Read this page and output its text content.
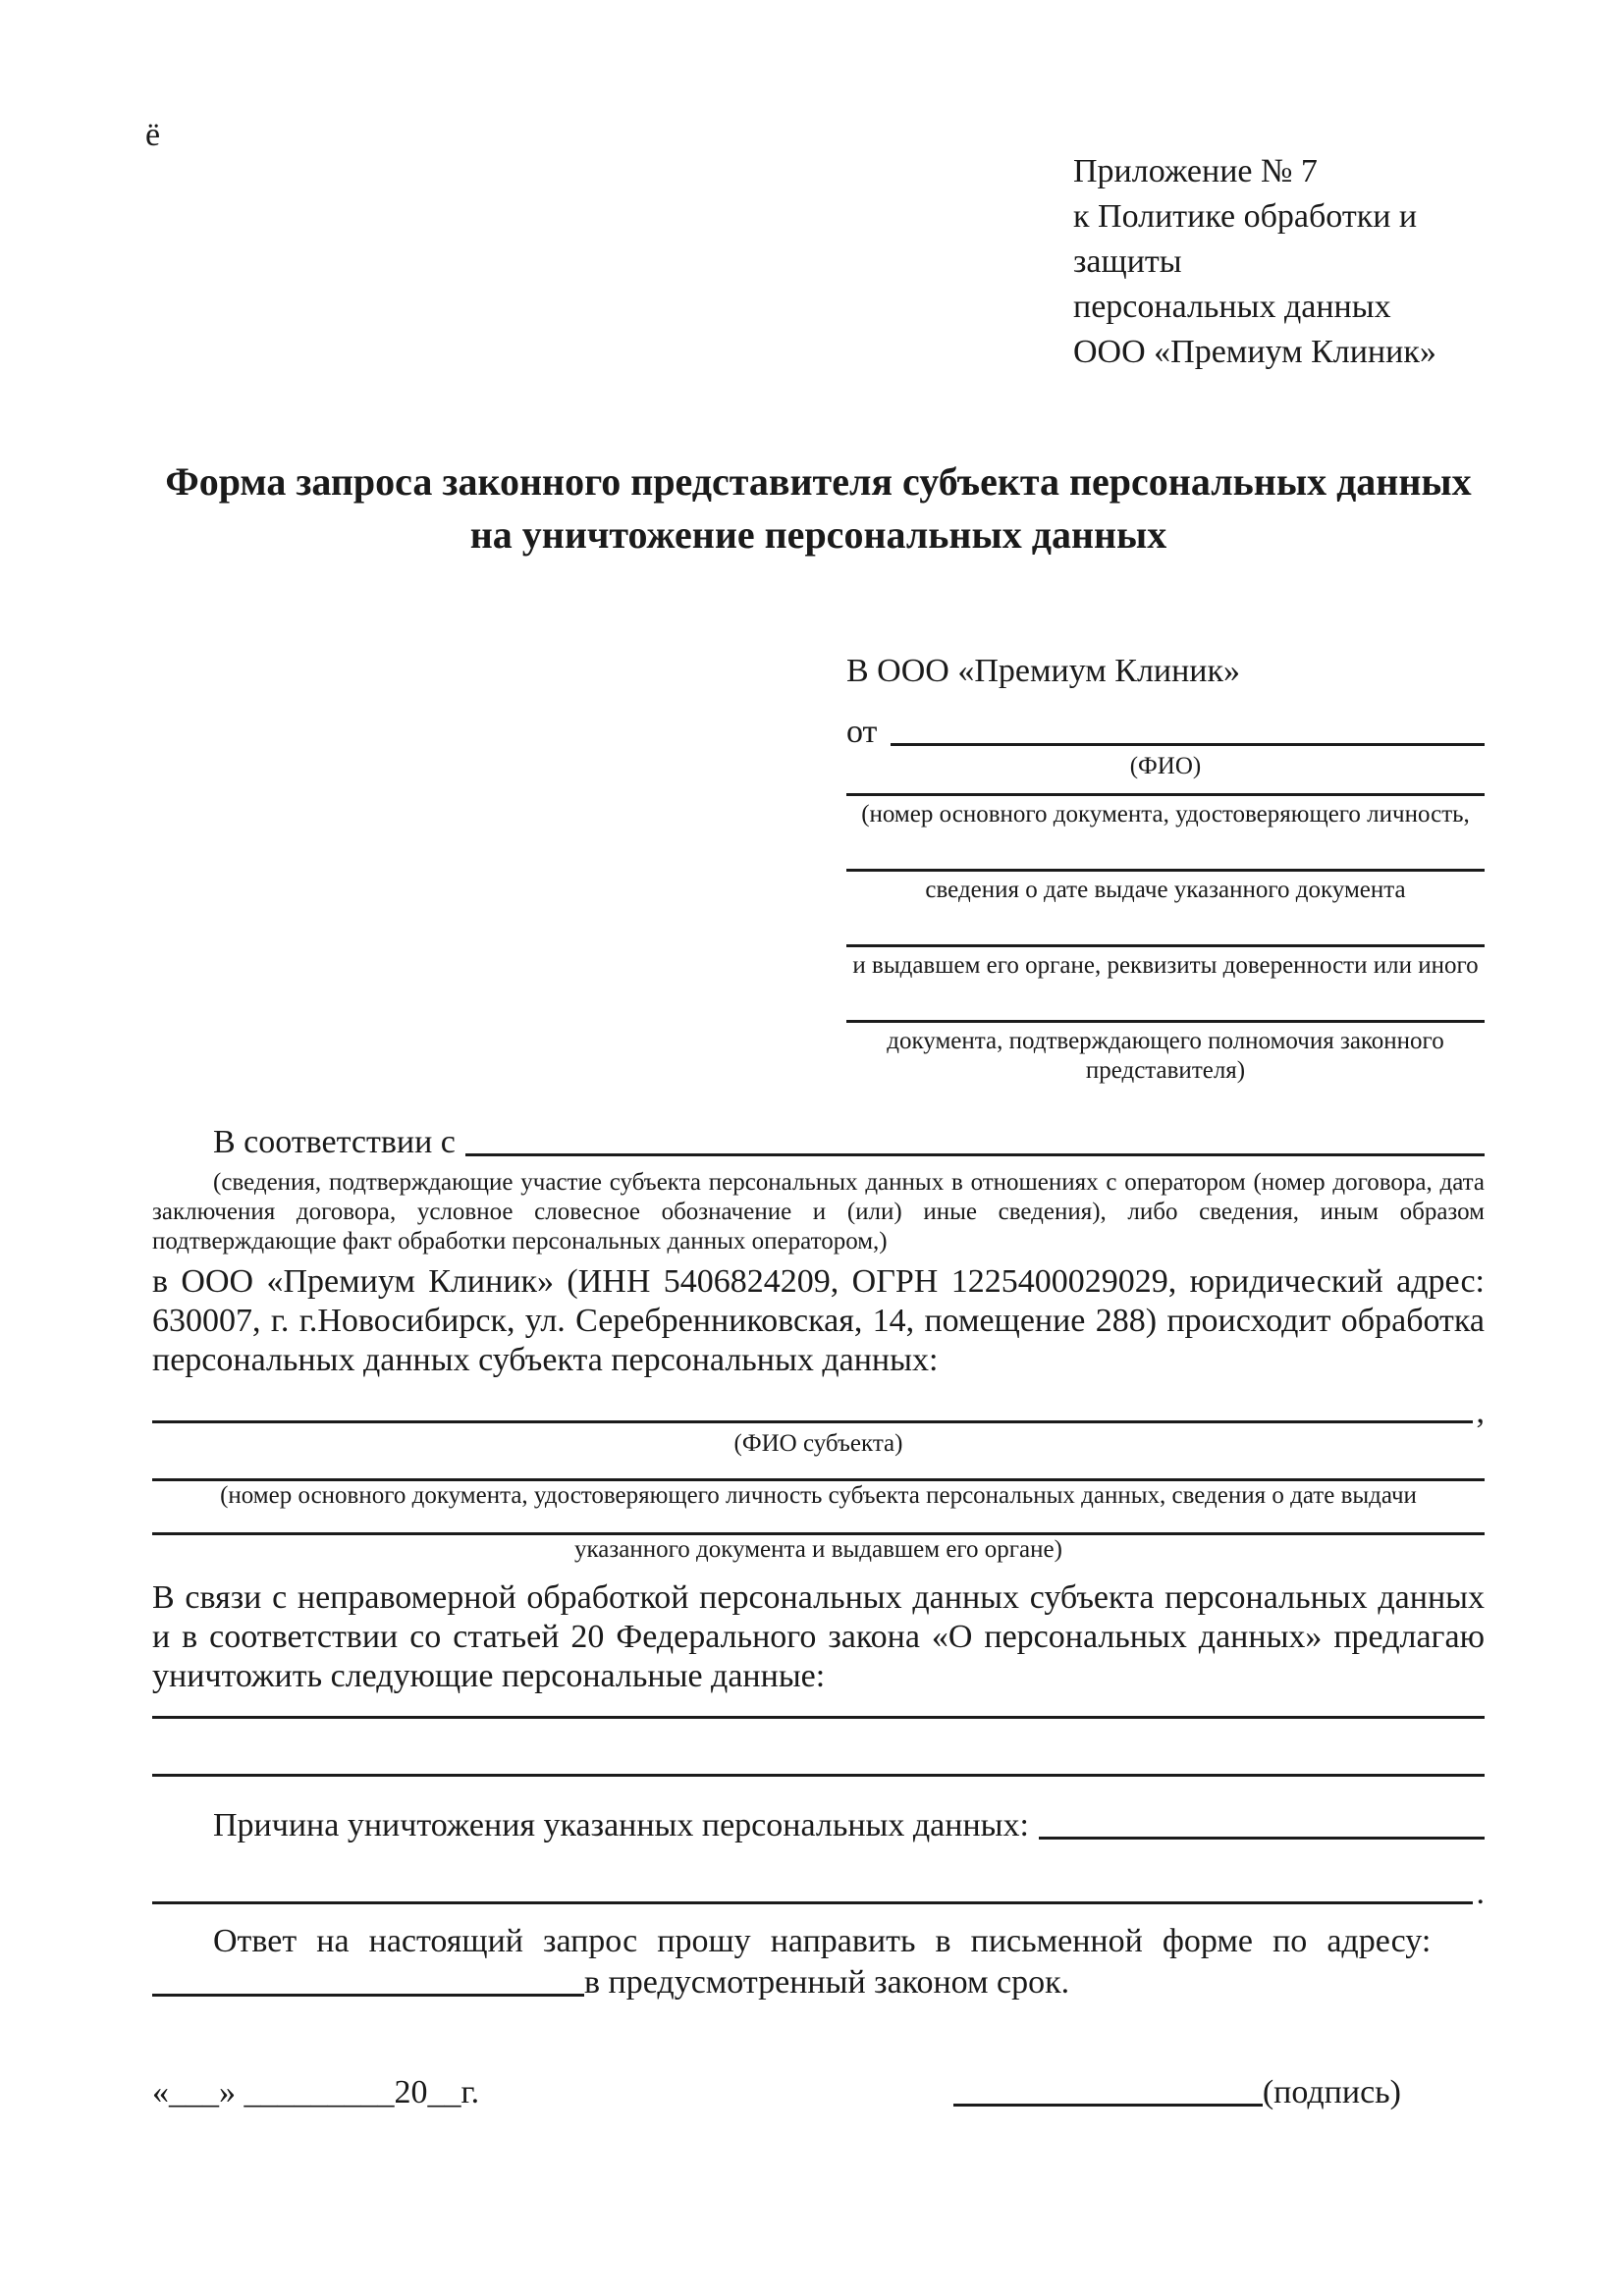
ё
Приложение № 7
к Политике обработки и защиты
персональных данных
ООО «Премиум Клиник»
Форма запроса законного представителя субъекта персональных данных на уничтожение персональных данных
В ООО «Премиум Клиник»
от
(ФИО)
(номер основного документа, удостоверяющего личность,
сведения о дате выдаче указанного документа
и выдавшем его органе, реквизиты доверенности или иного
документа, подтверждающего полномочия законного представителя)
В соответствии с
(сведения, подтверждающие участие субъекта персональных данных в отношениях с оператором (номер договора, дата заключения договора, условное словесное обозначение и (или) иные сведения), либо сведения, иным образом подтверждающие факт обработки персональных данных оператором,)
в ООО «Премиум Клиник» (ИНН 5406824209, ОГРН 1225400029029, юридический адрес: 630007, г. г.Новосибирск, ул. Серебренниковская, 14, помещение 288) происходит обработка персональных данных субъекта персональных данных:
,
(ФИО субъекта)
(номер основного документа, удостоверяющего личность субъекта персональных данных, сведения о дате выдачи
указанного документа и выдавшем его органе)
В связи с неправомерной обработкой персональных данных субъекта персональных данных и в соответствии со статьей 20 Федерального закона «О персональных данных» предлагаю уничтожить следующие персональные данные:
Причина уничтожения указанных персональных данных:
.
Ответ на настоящий запрос прошу направить в письменной форме по адресу:
в предусмотренный законом срок.
«___» _________20__г.	(подпись)
